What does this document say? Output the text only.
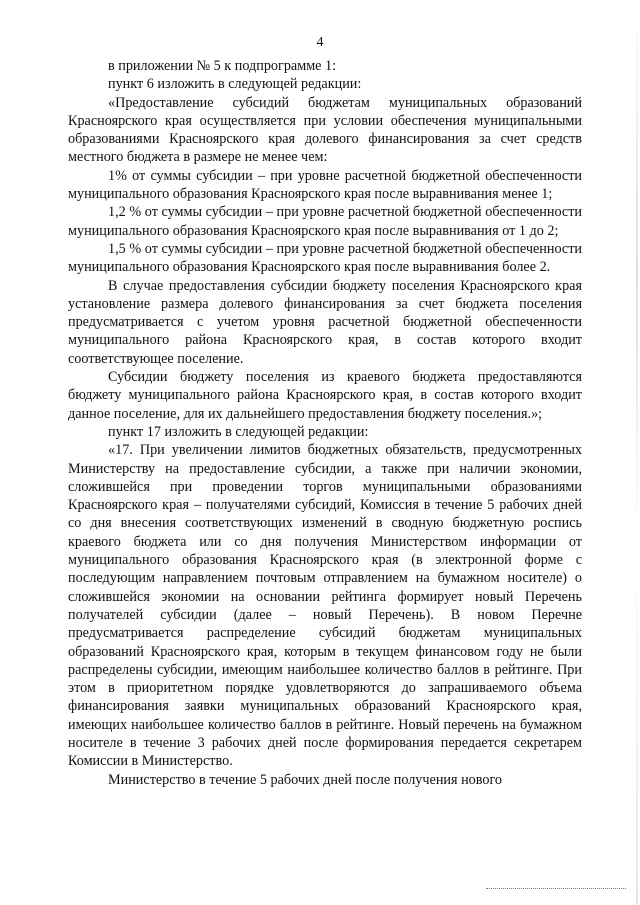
4

в приложении № 5 к подпрограмме 1:

пункт 6 изложить в следующей редакции:

«Предоставление субсидий бюджетам муниципальных образований Красноярского края осуществляется при условии обеспечения муниципальными образованиями Красноярского края долевого финансирования за счет средств местного бюджета в размере не менее чем:

1% от суммы субсидии – при уровне расчетной бюджетной обеспеченности муниципального образования Красноярского края после выравнивания менее 1;

1,2 % от суммы субсидии – при уровне расчетной бюджетной обеспеченности муниципального образования Красноярского края после выравнивания от 1 до 2;

1,5 % от суммы субсидии – при уровне расчетной бюджетной обеспеченности муниципального образования Красноярского края после выравнивания более 2.

В случае предоставления субсидии бюджету поселения Красноярского края установление размера долевого финансирования за счет бюджета поселения предусматривается с учетом уровня расчетной бюджетной обеспеченности муниципального района Красноярского края, в состав которого входит соответствующее поселение.

Субсидии бюджету поселения из краевого бюджета предоставляются бюджету муниципального района Красноярского края, в состав которого входит данное поселение, для их дальнейшего предоставления бюджету поселения.»;

пункт 17 изложить в следующей редакции:

«17. При увеличении лимитов бюджетных обязательств, предусмотренных Министерству на предоставление субсидии, а также при наличии экономии, сложившейся при проведении торгов муниципальными образованиями Красноярского края – получателями субсидий, Комиссия в течение 5 рабочих дней со дня внесения соответствующих изменений в сводную бюджетную роспись краевого бюджета или со дня получения Министерством информации от муниципального образования Красноярского края (в электронной форме с последующим направлением почтовым отправлением на бумажном носителе) о сложившейся экономии на основании рейтинга формирует новый Перечень получателей субсидии (далее – новый Перечень). В новом Перечне предусматривается распределение субсидий бюджетам муниципальных образований Красноярского края, которым в текущем финансовом году не были распределены субсидии, имеющим наибольшее количество баллов в рейтинге. При этом в приоритетном порядке удовлетворяются до запрашиваемого объема финансирования заявки муниципальных образований Красноярского края, имеющих наибольшее количество баллов в рейтинге. Новый перечень на бумажном носителе в течение 3 рабочих дней после формирования передается секретарем Комиссии в Министерство.

Министерство в течение 5 рабочих дней после получения нового
